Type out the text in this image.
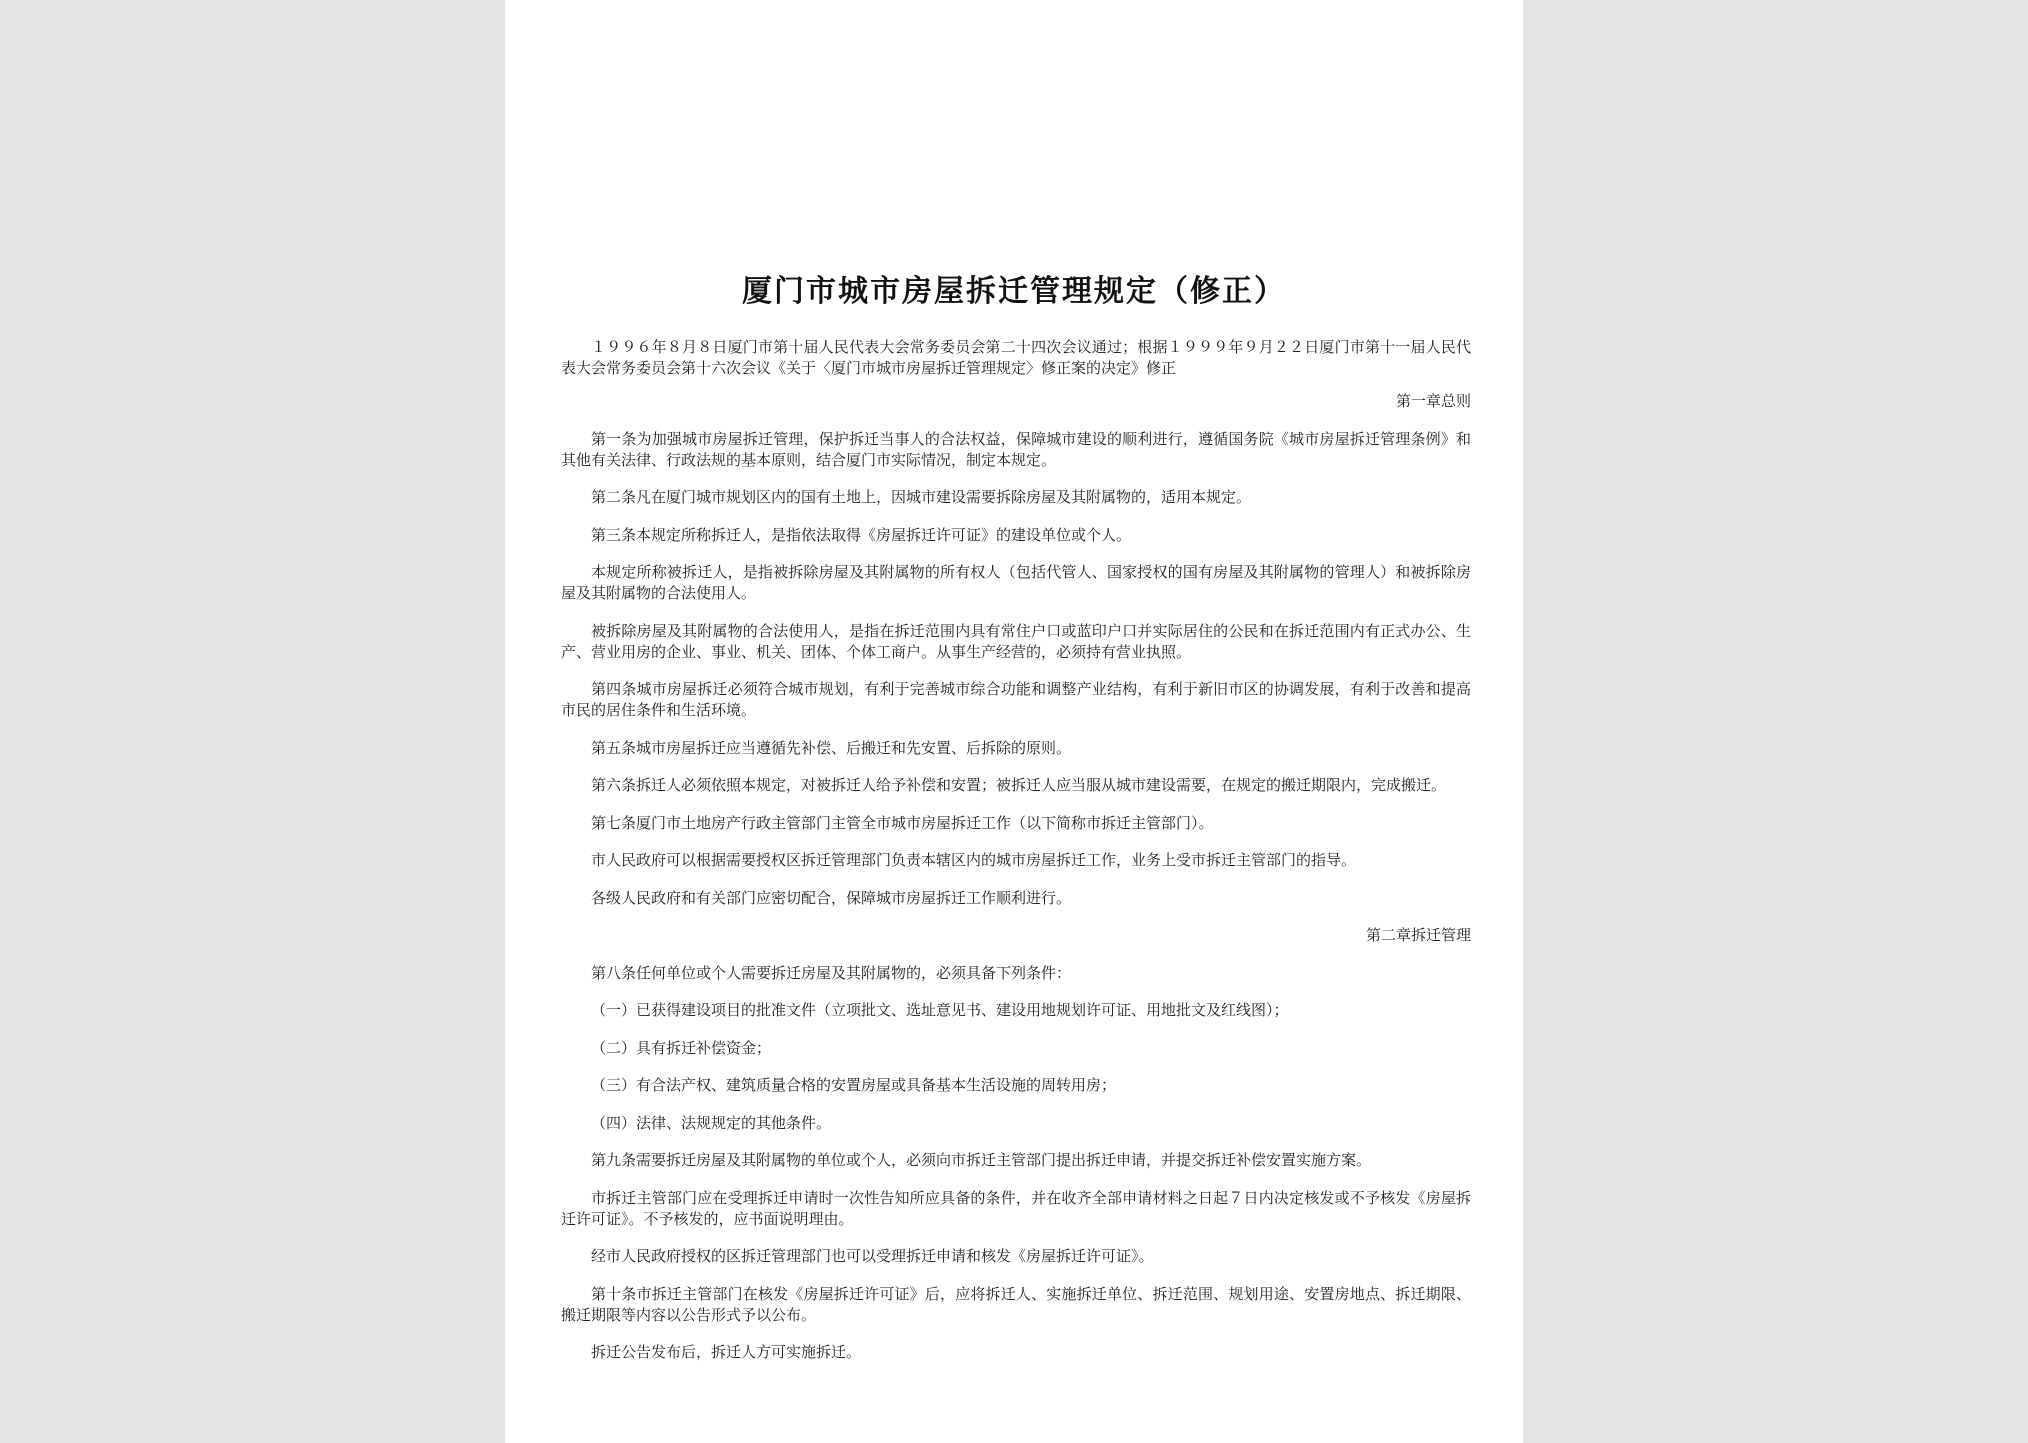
厦门市城市房屋拆迁管理规定（修正）

１９９６年８月８日厦门市第十届人民代表大会常务委员会第二十四次会议通过；根据１９９９年９月２２日厦门市第十一届人民代表大会常务委员会第十六次会议《关于〈厦门市城市房屋拆迁管理规定〉修正案的决定》修正

第一章总则

第一条为加强城市房屋拆迁管理，保护拆迁当事人的合法权益，保障城市建设的顺利进行，遵循国务院《城市房屋拆迁管理条例》和其他有关法律、行政法规的基本原则，结合厦门市实际情况，制定本规定。

第二条凡在厦门城市规划区内的国有土地上，因城市建设需要拆除房屋及其附属物的，适用本规定。

第三条本规定所称拆迁人，是指依法取得《房屋拆迁许可证》的建设单位或个人。

本规定所称被拆迁人，是指被拆除房屋及其附属物的所有权人（包括代管人、国家授权的国有房屋及其附属物的管理人）和被拆除房屋及其附属物的合法使用人。

被拆除房屋及其附属物的合法使用人，是指在拆迁范围内具有常住户口或蓝印户口并实际居住的公民和在拆迁范围内有正式办公、生产、营业用房的企业、事业、机关、团体、个体工商户。从事生产经营的，必须持有营业执照。

第四条城市房屋拆迁必须符合城市规划，有利于完善城市综合功能和调整产业结构，有利于新旧市区的协调发展，有利于改善和提高市民的居住条件和生活环境。

第五条城市房屋拆迁应当遵循先补偿、后搬迁和先安置、后拆除的原则。

第六条拆迁人必须依照本规定，对被拆迁人给予补偿和安置；被拆迁人应当服从城市建设需要，在规定的搬迁期限内，完成搬迁。

第七条厦门市土地房产行政主管部门主管全市城市房屋拆迁工作（以下简称市拆迁主管部门）。

市人民政府可以根据需要授权区拆迁管理部门负责本辖区内的城市房屋拆迁工作，业务上受市拆迁主管部门的指导。

各级人民政府和有关部门应密切配合，保障城市房屋拆迁工作顺利进行。

第二章拆迁管理

第八条任何单位或个人需要拆迁房屋及其附属物的，必须具备下列条件：

（一）已获得建设项目的批准文件（立项批文、选址意见书、建设用地规划许可证、用地批文及红线图）；

（二）具有拆迁补偿资金；

（三）有合法产权、建筑质量合格的安置房屋或具备基本生活设施的周转用房；

（四）法律、法规规定的其他条件。

第九条需要拆迁房屋及其附属物的单位或个人，必须向市拆迁主管部门提出拆迁申请，并提交拆迁补偿安置实施方案。

市拆迁主管部门应在受理拆迁申请时一次性告知所应具备的条件，并在收齐全部申请材料之日起７日内决定核发或不予核发《房屋拆迁许可证》。不予核发的，应书面说明理由。

经市人民政府授权的区拆迁管理部门也可以受理拆迁申请和核发《房屋拆迁许可证》。

第十条市拆迁主管部门在核发《房屋拆迁许可证》后，应将拆迁人、实施拆迁单位、拆迁范围、规划用途、安置房地点、拆迁期限、搬迁期限等内容以公告形式予以公布。

拆迁公告发布后，拆迁人方可实施拆迁。
